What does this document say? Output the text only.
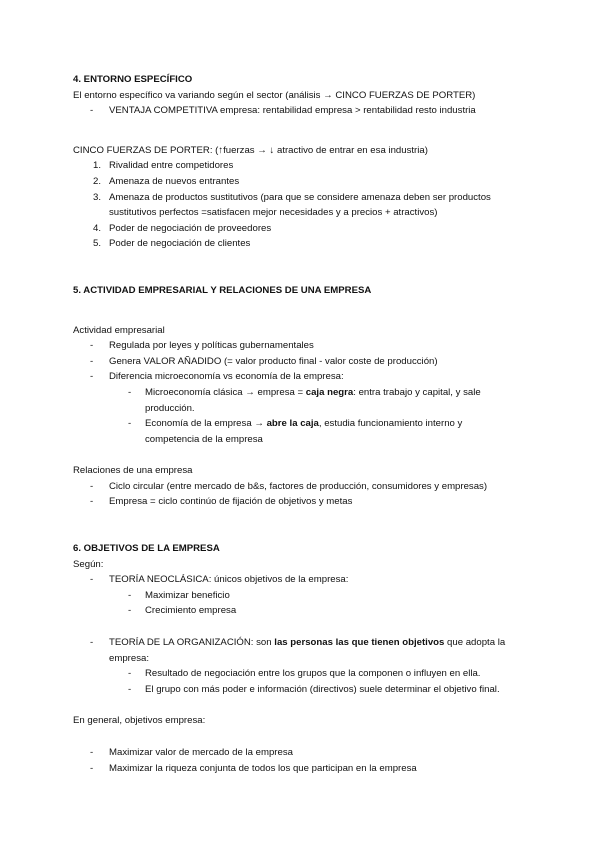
4. ENTORNO ESPECÍFICO

El entorno específico va variando según el sector (análisis → CINCO FUERZAS DE PORTER)

- VENTAJA COMPETITIVA empresa: rentabilidad empresa > rentabilidad resto industria

CINCO FUERZAS DE PORTER: (↑fuerzas → ↓ atractivo de entrar en esa industria)

1. Rivalidad entre competidores
2. Amenaza de nuevos entrantes
3. Amenaza de productos sustitutivos (para que se considere amenaza deben ser productos sustitutivos perfectos =satisfacen mejor necesidades y a precios + atractivos)
4. Poder de negociación de proveedores
5. Poder de negociación de clientes

5. ACTIVIDAD EMPRESARIAL Y RELACIONES DE UNA EMPRESA

Actividad empresarial

- Regulada por leyes y políticas gubernamentales
- Genera VALOR AÑADIDO (= valor producto final - valor coste de producción)
- Diferencia microeconomía vs economía de la empresa:
- Microeconomía clásica → empresa = caja negra: entra trabajo y capital, y sale producción.
- Economía de la empresa → abre la caja, estudia funcionamiento interno y competencia de la empresa

Relaciones de una empresa

- Ciclo circular (entre mercado de b&s, factores de producción, consumidores y empresas)
- Empresa = ciclo continúo de fijación de objetivos y metas

6. OBJETIVOS DE LA EMPRESA

Según:

- TEORÍA NEOCLÁSICA: únicos objetivos de la empresa:
- Maximizar beneficio
- Crecimiento empresa
- TEORÍA DE LA ORGANIZACIÓN: son las personas las que tienen objetivos que adopta la empresa:
- Resultado de negociación entre los grupos que la componen o influyen en ella.
- El grupo con más poder e información (directivos) suele determinar el objetivo final.

En general, objetivos empresa:

- Maximizar valor de mercado de la empresa
- Maximizar la riqueza conjunta de todos los que participan en la empresa
